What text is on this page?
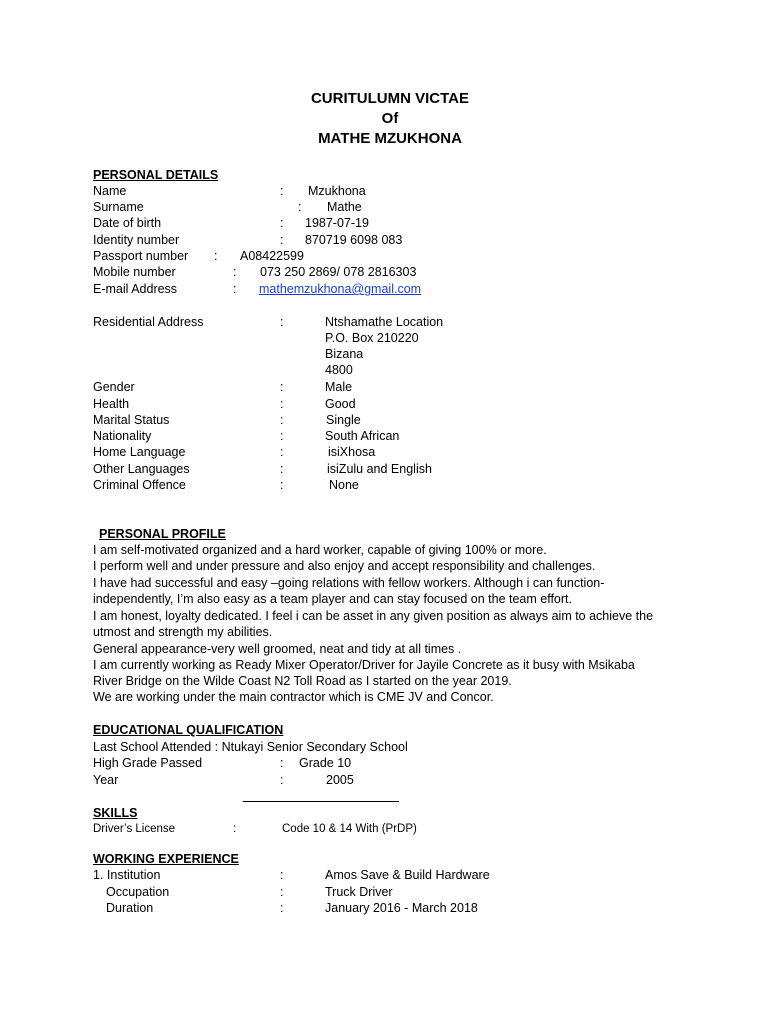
CURITULUMN VICTAE
Of
MATHE MZUKHONA
PERSONAL DETAILS
Name	: Mzukhona
Surname	: Mathe
Date of birth	: 1987-07-19
Identity number	: 870719 6098 083
Passport number : A08422599
Mobile number	: 073 250 2869/ 078 2816303
E-mail Address	: mathemzukhona@gmail.com
Residential Address	:	Ntshamathe Location
P.O. Box 210220
Bizana
4800
Gender	:	Male
Health	:	Good
Marital Status	:	Single
Nationality	:	South African
Home Language	:	isiXhosa
Other Languages	:	isiZulu and English
Criminal Offence	:	None
PERSONAL PROFILE
I am self-motivated organized and a hard worker, capable of giving 100% or more.
I perform well and under pressure and also enjoy and accept responsibility and challenges.
I have had successful and easy –going relations with fellow workers. Although i can function-
independently, I’m also easy as a team player and can stay focused on the team effort.
I am honest, loyalty dedicated. I feel i can be asset in any given position as always aim to achieve the
utmost and strength my abilities.
General appearance-very well groomed, neat and tidy at all times .
I am currently working as Ready Mixer Operator/Driver for Jayile Concrete as it busy with Msikaba
River Bridge on the Wilde Coast N2 Toll Road as I started on the year 2019.
We are working under the main contractor which is CME JV and Concor.
EDUCATIONAL QUALIFICATION
Last School Attended : Ntukayi Senior Secondary School
High Grade Passed	: Grade 10
Year	:	2005
SKILLS
Driver’s License	:	Code 10 & 14 With (PrDP)
WORKING EXPERIENCE
1. Institution	:	Amos Save & Build Hardware
Occupation	:	Truck Driver
Duration	:	January 2016 - March 2018
